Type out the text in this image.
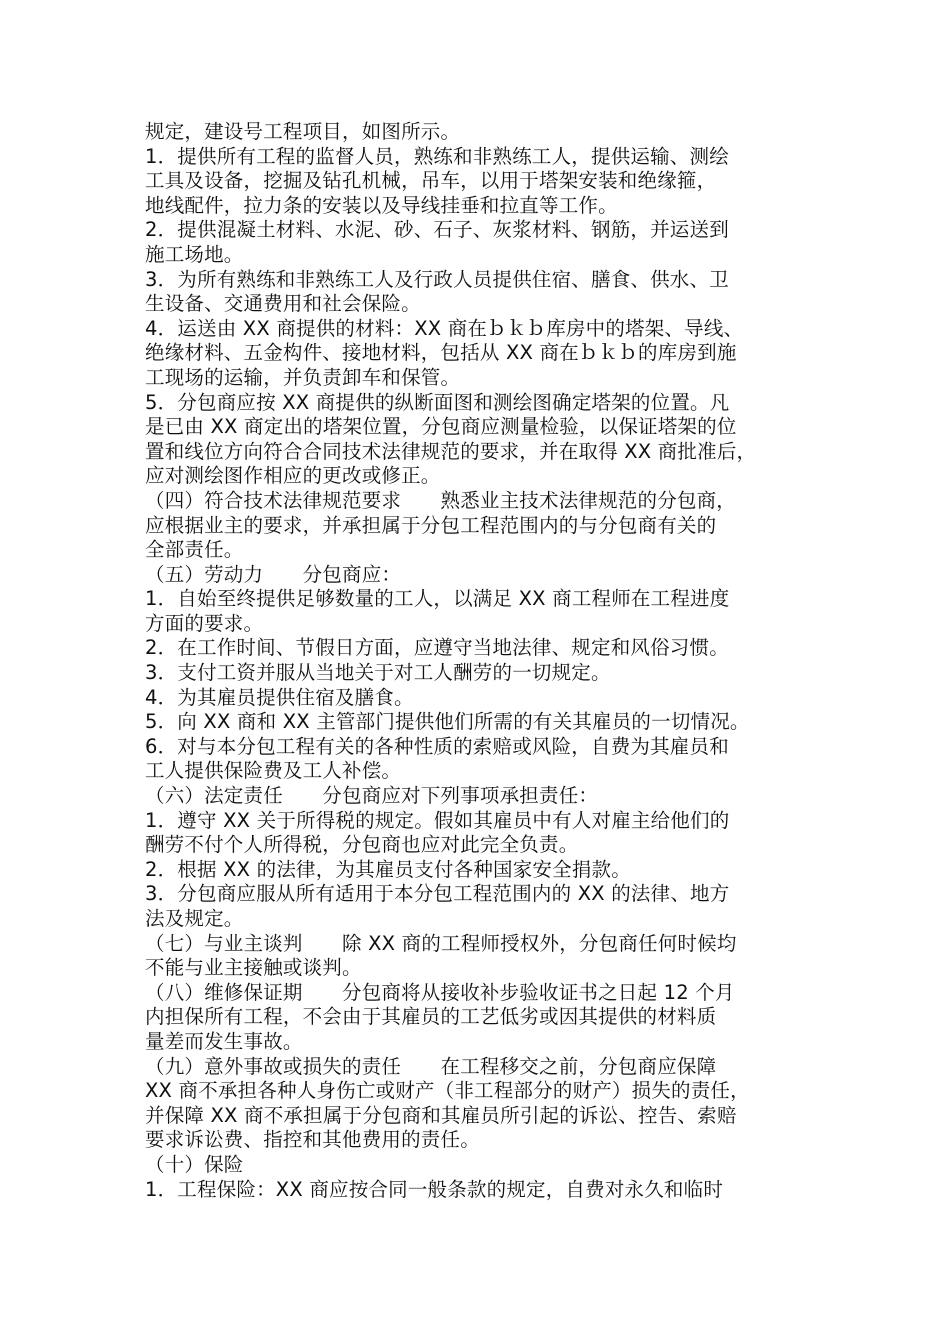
规定，建设号工程项目，如图所示。
1．提供所有工程的监督人员，熟练和非熟练工人，提供运输、测绘
工具及设备，挖掘及钻孔机械，吊车，以用于塔架安装和绝缘箍，
地线配件，拉力条的安装以及导线挂垂和拉直等工作。
2．提供混凝土材料、水泥、砂、石子、灰浆材料、钢筋，并运送到
施工场地。
3．为所有熟练和非熟练工人及行政人员提供住宿、膳食、供水、卫
生设备、交通费用和社会保险。
4．运送由 XX 商提供的材料：XX 商在ｂｋｂ库房中的塔架、导线、
绝缘材料、五金构件、接地材料，包括从 XX 商在ｂｋｂ的库房到施
工现场的运输，并负责卸车和保管。
5．分包商应按 XX 商提供的纵断面图和测绘图确定塔架的位置。凡
是已由 XX 商定出的塔架位置，分包商应测量检验，以保证塔架的位
置和线位方向符合合同技术法律规范的要求，并在取得 XX 商批准后，
应对测绘图作相应的更改或修正。
（四）符合技术法律规范要求　　熟悉业主技术法律规范的分包商，
应根据业主的要求，并承担属于分包工程范围内的与分包商有关的
全部责任。
（五）劳动力　　分包商应：
1．自始至终提供足够数量的工人，以满足 XX 商工程师在工程进度
方面的要求。
2．在工作时间、节假日方面，应遵守当地法律、规定和风俗习惯。
3．支付工资并服从当地关于对工人酬劳的一切规定。
4．为其雇员提供住宿及膳食。
5．向 XX 商和 XX 主管部门提供他们所需的有关其雇员的一切情况。
6．对与本分包工程有关的各种性质的索赔或风险，自费为其雇员和
工人提供保险费及工人补偿。
（六）法定责任　　分包商应对下列事项承担责任：
1．遵守 XX 关于所得税的规定。假如其雇员中有人对雇主给他们的
酬劳不付个人所得税，分包商也应对此完全负责。
2．根据 XX 的法律，为其雇员支付各种国家安全捐款。
3．分包商应服从所有适用于本分包工程范围内的 XX 的法律、地方
法及规定。
（七）与业主谈判　　除 XX 商的工程师授权外，分包商任何时候均
不能与业主接触或谈判。
（八）维修保证期　　分包商将从接收补步验收证书之日起 12 个月
内担保所有工程，不会由于其雇员的工艺低劣或因其提供的材料质
量差而发生事故。
（九）意外事故或损失的责任　　在工程移交之前，分包商应保障
XX 商不承担各种人身伤亡或财产（非工程部分的财产）损失的责任，
并保障 XX 商不承担属于分包商和其雇员所引起的诉讼、控告、索赔
要求诉讼费、指控和其他费用的责任。
（十）保险
1．工程保险：XX 商应按合同一般条款的规定，自费对永久和临时
